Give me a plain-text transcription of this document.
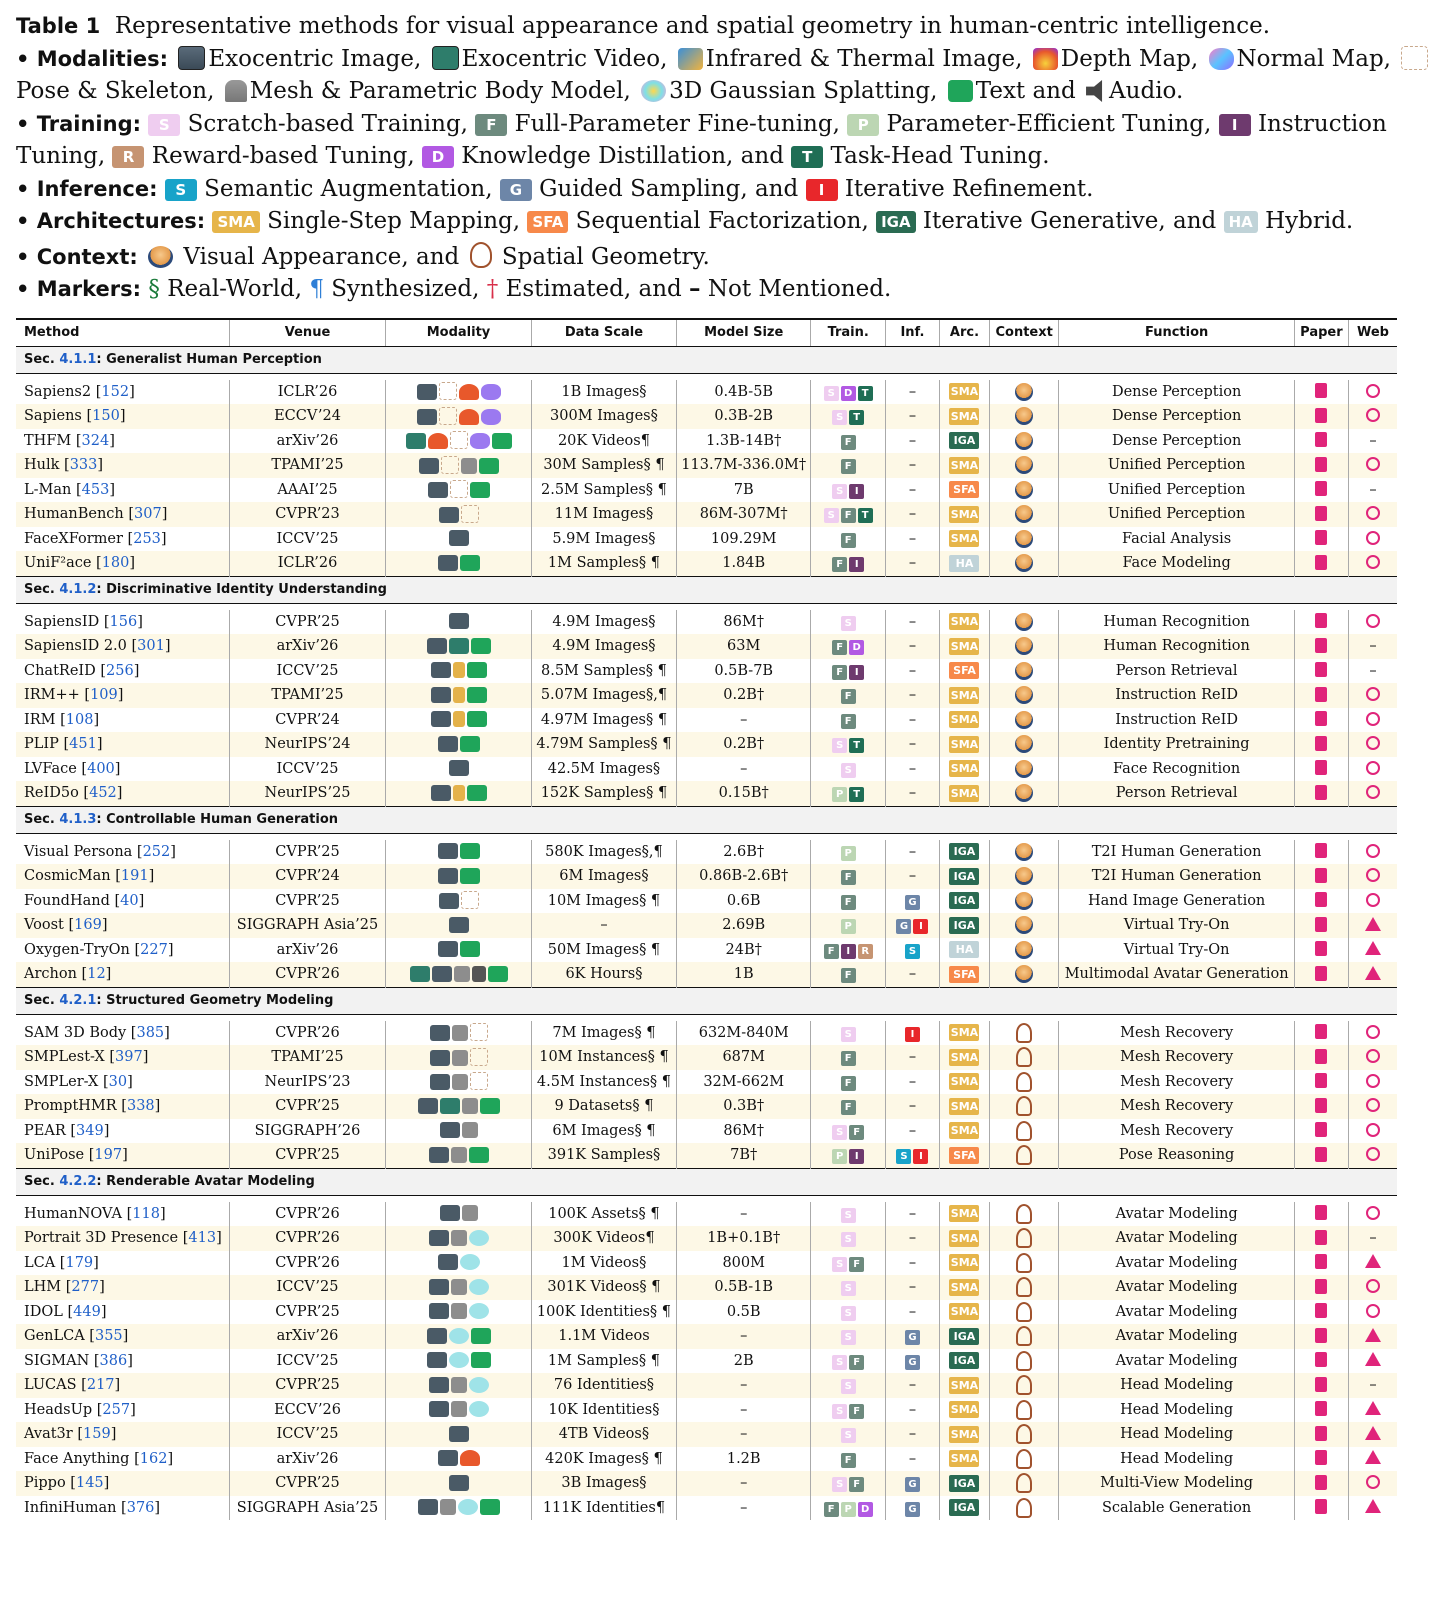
Table 1 Representative methods for visual appearance and spatial geometry in human-centric intelligence.
• Modalities: Exocentric Image, Exocentric Video, Infrared & Thermal Image, Depth Map, Normal Map, Pose & Skeleton, Mesh & Parametric Body Model, 3D Gaussian Splatting, Text and Audio.
• Training: S Scratch-based Training, F Full-Parameter Fine-tuning, P Parameter-Efficient Tuning, I Instruction Tuning, R Reward-based Tuning, D Knowledge Distillation, and T Task-Head Tuning.
• Inference: S Semantic Augmentation, G Guided Sampling, and I Iterative Refinement.
• Architectures: SMA Single-Step Mapping, SFA Sequential Factorization, IGA Iterative Generative, and HA Hybrid.
• Context: Visual Appearance, and Spatial Geometry.
• Markers: § Real-World, ¶ Synthesized, † Estimated, and – Not Mentioned.
Method	Venue	Modality	Data Scale	Model Size	Train.	Inf.	Arc.	Context	Function	Paper	Web
Sec. 4.1.1: Generalist Human Perception											

Sapiens2 [152]	ICLR’26		1B Images§	0.4B-5B	S D T	–	SMA		Dense Perception		
Sapiens [150]	ECCV’24		300M Images§	0.3B-2B	S T	–	SMA		Dense Perception		
THFM [324]	arXiv’26		20K Videos¶	1.3B-14B†	F	–	IGA		Dense Perception		–
Hulk [333]	TPAMI’25		30M Samples§ ¶	113.7M-336.0M†	F	–	SMA		Unified Perception		
L-Man [453]	AAAI’25		2.5M Samples§ ¶	7B	S I	–	SFA		Unified Perception		–
HumanBench [307]	CVPR’23		11M Images§	86M-307M†	S F T	–	SMA		Unified Perception		
FaceXFormer [253]	ICCV’25		5.9M Images§	109.29M	F	–	SMA		Facial Analysis		
UniF²ace [180]	ICLR’26		1M Samples§ ¶	1.84B	F I	–	HA		Face Modeling		
Sec. 4.1.2: Discriminative Identity Understanding											

SapiensID [156]	CVPR’25		4.9M Images§	86M†	S	–	SMA		Human Recognition		
SapiensID 2.0 [301]	arXiv’26		4.9M Images§	63M	F D	–	SMA		Human Recognition		–
ChatReID [256]	ICCV’25		8.5M Samples§ ¶	0.5B-7B	F I	–	SFA		Person Retrieval		–
IRM++ [109]	TPAMI’25		5.07M Images§,¶	0.2B†	F	–	SMA		Instruction ReID		
IRM [108]	CVPR’24		4.97M Images§ ¶	–	F	–	SMA		Instruction ReID		
PLIP [451]	NeurIPS’24		4.79M Samples§ ¶	0.2B†	S T	–	SMA		Identity Pretraining		
LVFace [400]	ICCV’25		42.5M Images§	–	S	–	SMA		Face Recognition		
ReID5o [452]	NeurIPS’25		152K Samples§ ¶	0.15B†	P T	–	SMA		Person Retrieval		
Sec. 4.1.3: Controllable Human Generation											

Visual Persona [252]	CVPR’25		580K Images§,¶	2.6B†	P	–	IGA		T2I Human Generation		
CosmicMan [191]	CVPR’24		6M Images§	0.86B-2.6B†	F	–	IGA		T2I Human Generation		
FoundHand [40]	CVPR’25		10M Images§ ¶	0.6B	F	G	IGA		Hand Image Generation		
Voost [169]	SIGGRAPH Asia’25		–	2.69B	P	G I	IGA		Virtual Try-On		
Oxygen-TryOn [227]	arXiv’26		50M Images§ ¶	24B†	F I R	S	HA		Virtual Try-On		
Archon [12]	CVPR’26		6K Hours§	1B	F	–	SFA		Multimodal Avatar Generation		
Sec. 4.2.1: Structured Geometry Modeling											

SAM 3D Body [385]	CVPR’26		7M Images§ ¶	632M-840M	S	I	SMA		Mesh Recovery		
SMPLest-X [397]	TPAMI’25		10M Instances§ ¶	687M	F	–	SMA		Mesh Recovery		
SMPLer-X [30]	NeurIPS’23		4.5M Instances§ ¶	32M-662M	F	–	SMA		Mesh Recovery		
PromptHMR [338]	CVPR’25		9 Datasets§ ¶	0.3B†	F	–	SMA		Mesh Recovery		
PEAR [349]	SIGGRAPH’26		6M Images§ ¶	86M†	S F	–	SMA		Mesh Recovery		
UniPose [197]	CVPR’25		391K Samples§	7B†	P I	S I	SFA		Pose Reasoning		
Sec. 4.2.2: Renderable Avatar Modeling											

HumanNOVA [118]	CVPR’26		100K Assets§ ¶	–	S	–	SMA		Avatar Modeling		
Portrait 3D Presence [413]	CVPR’26		300K Videos¶	1B+0.1B†	S	–	SMA		Avatar Modeling		–
LCA [179]	CVPR’26		1M Videos§	800M	S F	–	SMA		Avatar Modeling		
LHM [277]	ICCV’25		301K Videos§ ¶	0.5B-1B	S	–	SMA		Avatar Modeling		
IDOL [449]	CVPR’25		100K Identities§ ¶	0.5B	S	–	SMA		Avatar Modeling		
GenLCA [355]	arXiv’26		1.1M Videos	–	S	G	IGA		Avatar Modeling		
SIGMAN [386]	ICCV’25		1M Samples§ ¶	2B	S F	G	IGA		Avatar Modeling		
LUCAS [217]	CVPR’25		76 Identities§	–	S	–	SMA		Head Modeling		–
HeadsUp [257]	ECCV’26		10K Identities§	–	S F	–	SMA		Head Modeling		
Avat3r [159]	ICCV’25		4TB Videos§	–	S	–	SMA		Head Modeling		
Face Anything [162]	arXiv’26		420K Images§ ¶	1.2B	F	–	SMA		Head Modeling		
Pippo [145]	CVPR’25		3B Images§	–	S F	G	IGA		Multi-View Modeling		
InfiniHuman [376]	SIGGRAPH Asia’25		111K Identities¶	–	F P D	G	IGA		Scalable Generation		
